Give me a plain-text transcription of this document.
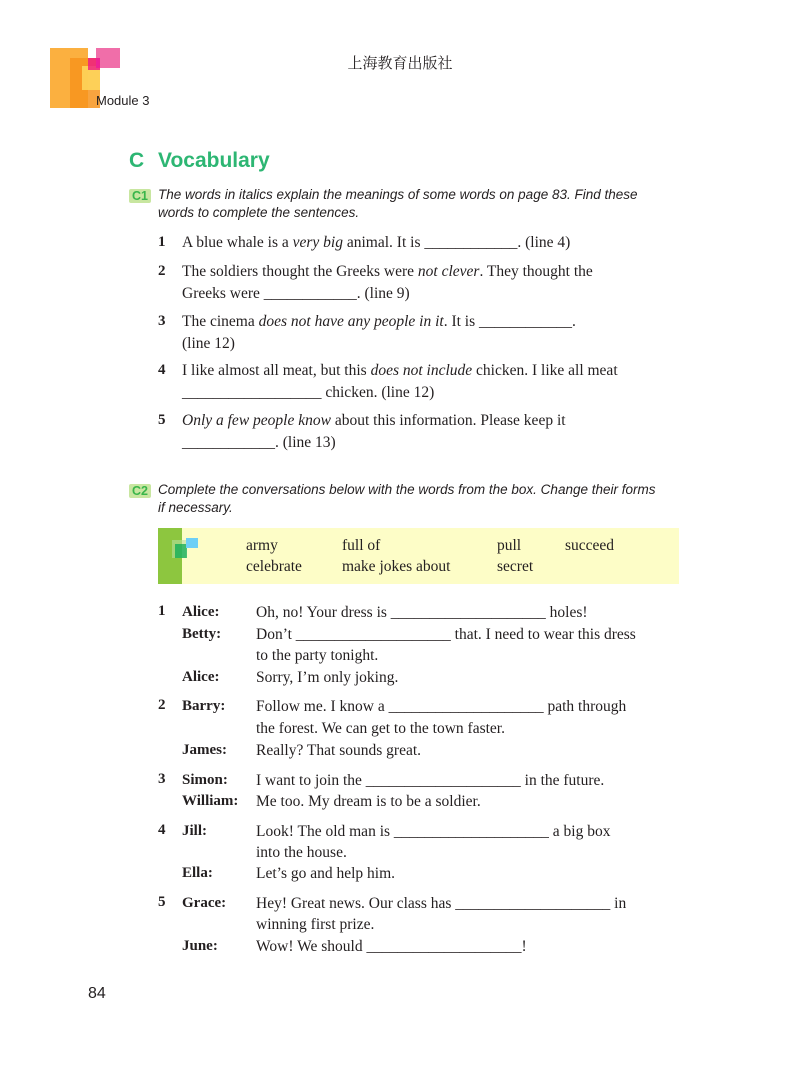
上海教育出版社
Module 3
C Vocabulary
C1 The words in italics explain the meanings of some words on page 83. Find these
words to complete the sentences.
1 A blue whale is a very big animal. It is ____________. (line 4)
2 The soldiers thought the Greeks were not clever. They thought the
Greeks were ____________. (line 9)
3 The cinema does not have any people in it. It is ____________.
(line 12)
4 I like almost all meat, but this does not include chicken. I like all meat
__________________ chicken. (line 12)
5 Only a few people know about this information. Please keep it
____________. (line 13)
C2 Complete the conversations below with the words from the box. Change their forms
if necessary.
army	full of	pull	succeed
celebrate	make jokes about	secret
1 Alice: Oh, no! Your dress is ____________________ holes!
Betty: Don’t ____________________ that. I need to wear this dress
to the party tonight.
Alice: Sorry, I’m only joking.
2 Barry: Follow me. I know a ____________________ path through
the forest. We can get to the town faster.
James: Really? That sounds great.
3 Simon: I want to join the ____________________ in the future.
William: Me too. My dream is to be a soldier.
4 Jill:	Look! The old man is ____________________ a big box
into the house.
Ella:	Let’s go and help him.
5 Grace: Hey! Great news. Our class has ____________________ in
winning first prize.
June: Wow! We should ____________________!
84
